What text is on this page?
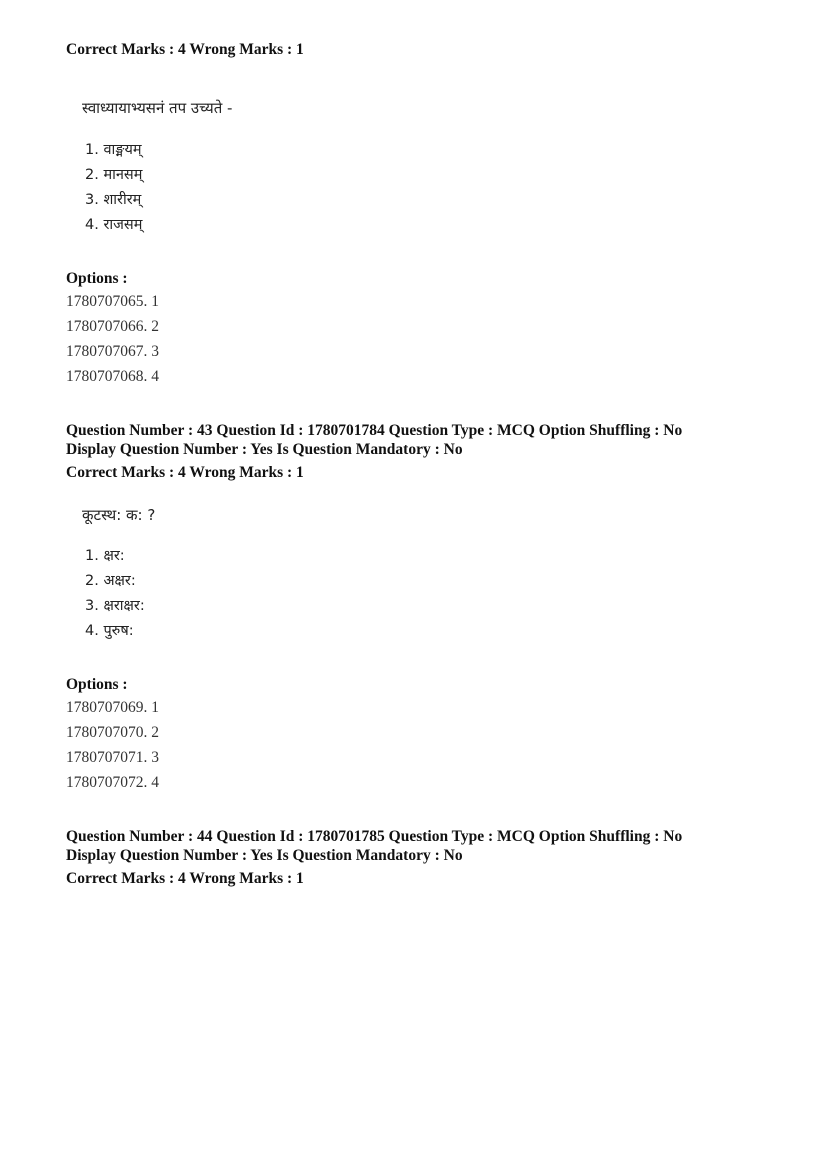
Correct Marks : 4 Wrong Marks : 1
स्वाध्यायाभ्यसनं तप उच्यते -
1. वाङ्मयम्
2. मानसम्
3. शारीरम्
4. राजसम्
Options :
1780707065. 1
1780707066. 2
1780707067. 3
1780707068. 4
Question Number : 43 Question Id : 1780701784 Question Type : MCQ Option Shuffling : No
Display Question Number : Yes Is Question Mandatory : No
Correct Marks : 4 Wrong Marks : 1
कूटस्थ: क: ?
1. क्षर:
2. अक्षर:
3. क्षराक्षर:
4. पुरुष:
Options :
1780707069. 1
1780707070. 2
1780707071. 3
1780707072. 4
Question Number : 44 Question Id : 1780701785 Question Type : MCQ Option Shuffling : No
Display Question Number : Yes Is Question Mandatory : No
Correct Marks : 4 Wrong Marks : 1
